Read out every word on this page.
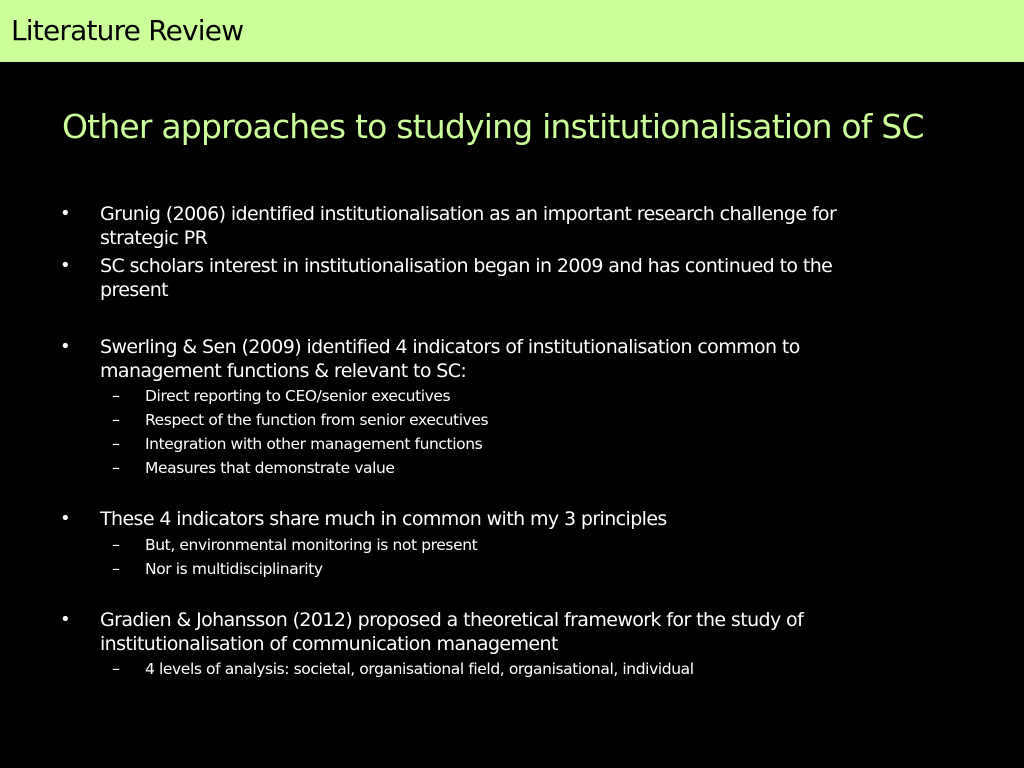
Literature Review
Other approaches to studying institutionalisation of SC
• Grunig (2006) identified institutionalisation as an important research challenge for
strategic PR
• SC scholars interest in institutionalisation began in 2009 and has continued to the
present
• Swerling & Sen (2009) identified 4 indicators of institutionalisation common to
management functions & relevant to SC:
– Direct reporting to CEO/senior executives
– Respect of the function from senior executives
– Integration with other management functions
– Measures that demonstrate value
• These 4 indicators share much in common with my 3 principles
– But, environmental monitoring is not present
– Nor is multidisciplinarity
• Gradien & Johansson (2012) proposed a theoretical framework for the study of
institutionalisation of communication management
– 4 levels of analysis: societal, organisational field, organisational, individual
